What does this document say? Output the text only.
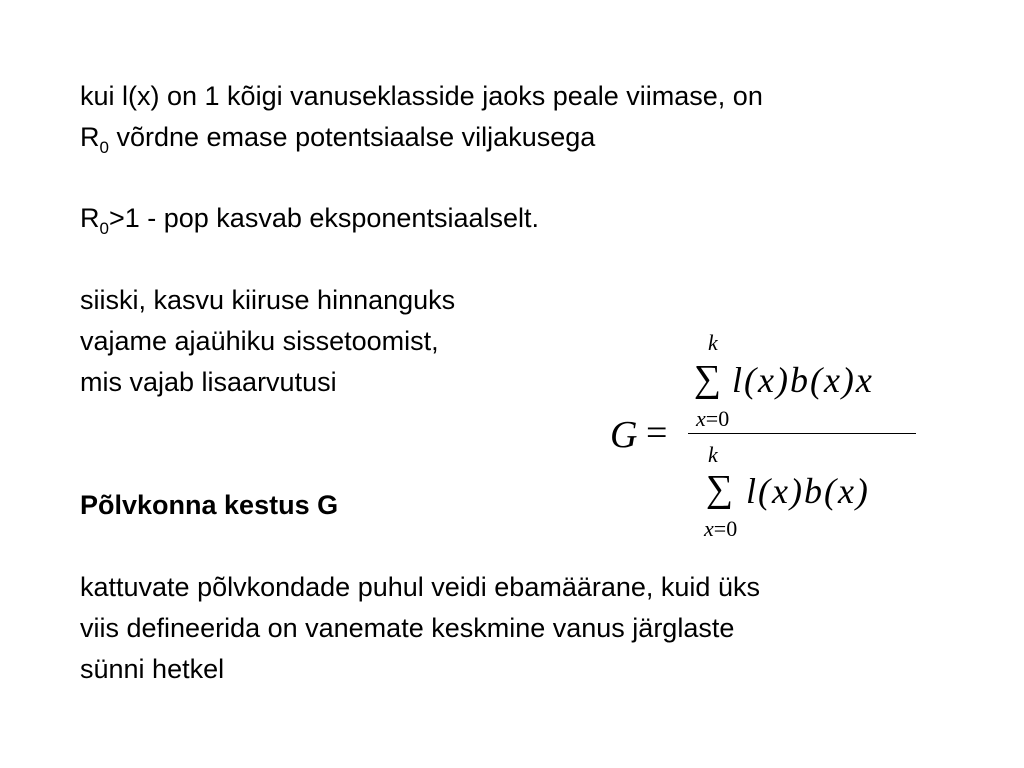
kui l(x) on 1 kõigi vanuseklasside jaoks peale viimase, on
$R_0$ võrdne emase potentsiaalse viljakusega
$R_0>1$ - pop kasvab eksponentsiaalselt.
siiski, kasvu kiiruse hinnanguks
vajame ajaühiku sissetoomist,
mis vajab lisaarvutusi
Põlvkonna kestus G
kattuvate põlvkondade puhul veidi ebamäärane, kuid üks
viis defineerida on vanemate keskmine vanus järglaste
sünni hetkel
G =
k
∑ l(x)b(x)x
x=0
k
∑ l(x)b(x)
x=0
